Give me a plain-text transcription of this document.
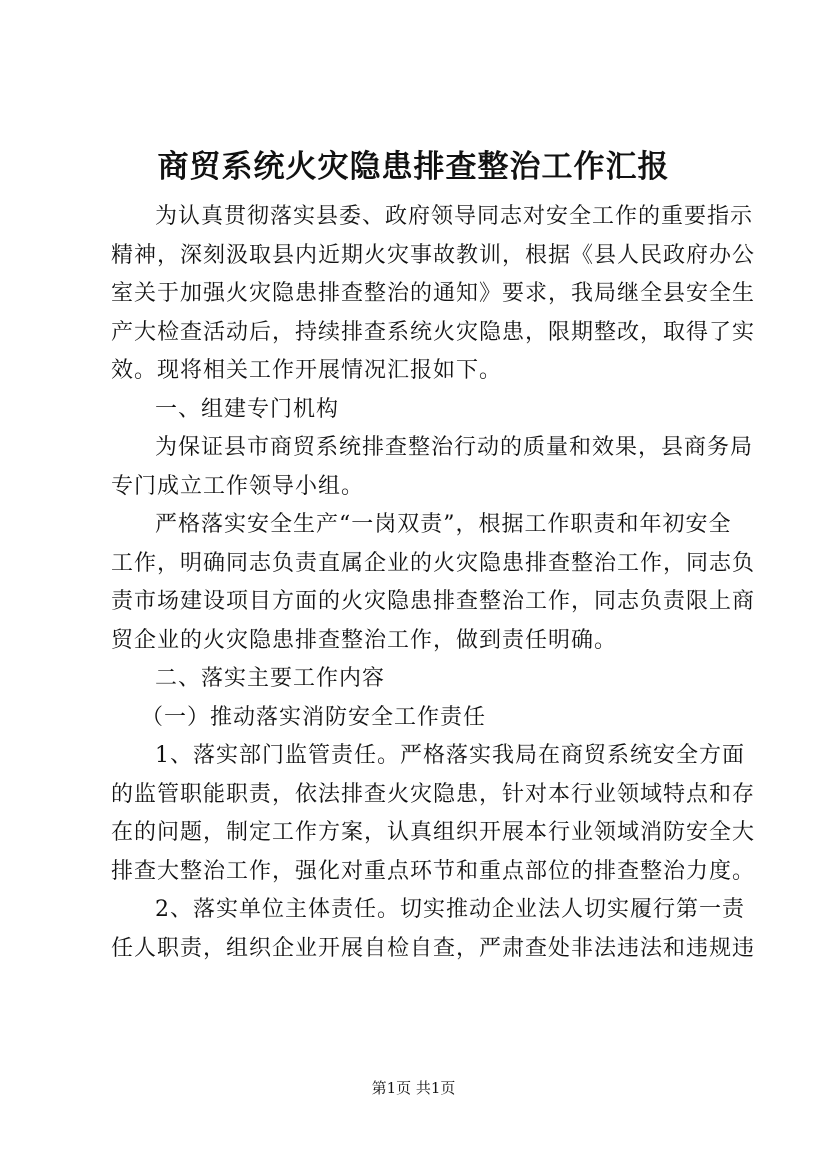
商贸系统火灾隐患排查整治工作汇报
为认真贯彻落实县委、政府领导同志对安全工作的重要指示
精神，深刻汲取县内近期火灾事故教训，根据《县人民政府办公
室关于加强火灾隐患排查整治的通知》要求，我局继全县安全生
产大检查活动后，持续排查系统火灾隐患，限期整改，取得了实
效。现将相关工作开展情况汇报如下。
一、组建专门机构
为保证县市商贸系统排查整治行动的质量和效果，县商务局
专门成立工作领导小组。
严格落实安全生产“一岗双责”，根据工作职责和年初安全
工作，明确同志负责直属企业的火灾隐患排查整治工作，同志负
责市场建设项目方面的火灾隐患排查整治工作，同志负责限上商
贸企业的火灾隐患排查整治工作，做到责任明确。
二、落实主要工作内容
（一）推动落实消防安全工作责任
1、落实部门监管责任。严格落实我局在商贸系统安全方面
的监管职能职责，依法排查火灾隐患，针对本行业领域特点和存
在的问题，制定工作方案，认真组织开展本行业领域消防安全大
排查大整治工作，强化对重点环节和重点部位的排查整治力度。
2、落实单位主体责任。切实推动企业法人切实履行第一责
任人职责，组织企业开展自检自查，严肃查处非法违法和违规违
第1页 共1页
